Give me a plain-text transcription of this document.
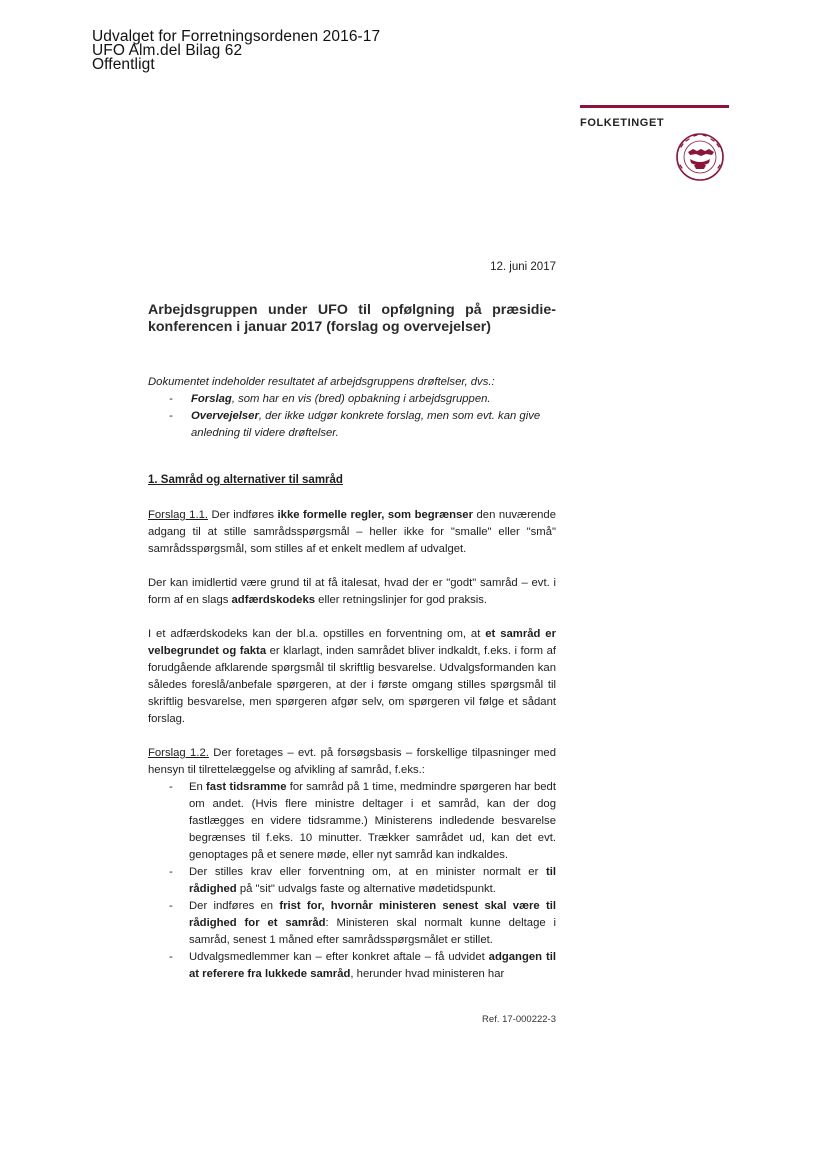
Udvalget for Forretningsordenen 2016-17
UFO Alm.del Bilag 62
Offentligt
FOLKETINGET
12. juni 2017
Arbejdsgruppen under UFO til opfølgning på præsidie-konferencen i januar 2017 (forslag og overvejelser)

Dokumentet indeholder resultatet af arbejdsgruppens drøftelser, dvs.:

- Forslag, som har en vis (bred) opbakning i arbejdsgruppen.
- Overvejelser, der ikke udgør konkrete forslag, men som evt. kan give anledning til videre drøftelser.
1. Samråd og alternativer til samråd

Forslag 1.1. Der indføres ikke formelle regler, som begrænser den nuværende adgang til at stille samrådsspørgsmål – heller ikke for "smalle" eller "små" samrådsspørgsmål, som stilles af et enkelt medlem af udvalget.

Der kan imidlertid være grund til at få italesat, hvad der er "godt" samråd – evt. i form af en slags adfærdskodeks eller retningslinjer for god praksis.

I et adfærdskodeks kan der bl.a. opstilles en forventning om, at et samråd er velbegrundet og fakta er klarlagt, inden samrådet bliver indkaldt, f.eks. i form af forudgående afklarende spørgsmål til skriftlig besvarelse. Udvalgsformanden kan således foreslå/anbefale spørgeren, at der i første omgang stilles spørgsmål til skriftlig besvarelse, men spørgeren afgør selv, om spørgeren vil følge et sådant forslag.

Forslag 1.2. Der foretages – evt. på forsøgsbasis – forskellige tilpasninger med hensyn til tilrettelæggelse og afvikling af samråd, f.eks.:

- En fast tidsramme for samråd på 1 time, medmindre spørgeren har bedt om andet. (Hvis flere ministre deltager i et samråd, kan der dog fastlægges en videre tidsramme.) Ministerens indledende besvarelse begrænses til f.eks. 10 minutter. Trækker samrådet ud, kan det evt. genoptages på et senere møde, eller nyt samråd kan indkaldes.
- Der stilles krav eller forventning om, at en minister normalt er til rådighed på "sit" udvalgs faste og alternative mødetidspunkt.
- Der indføres en frist for, hvornår ministeren senest skal være til rådighed for et samråd: Ministeren skal normalt kunne deltage i samråd, senest 1 måned efter samrådsspørgsmålet er stillet.
- Udvalgsmedlemmer kan – efter konkret aftale – få udvidet adgangen til at referere fra lukkede samråd, herunder hvad ministeren har
Ref. 17-000222-3
